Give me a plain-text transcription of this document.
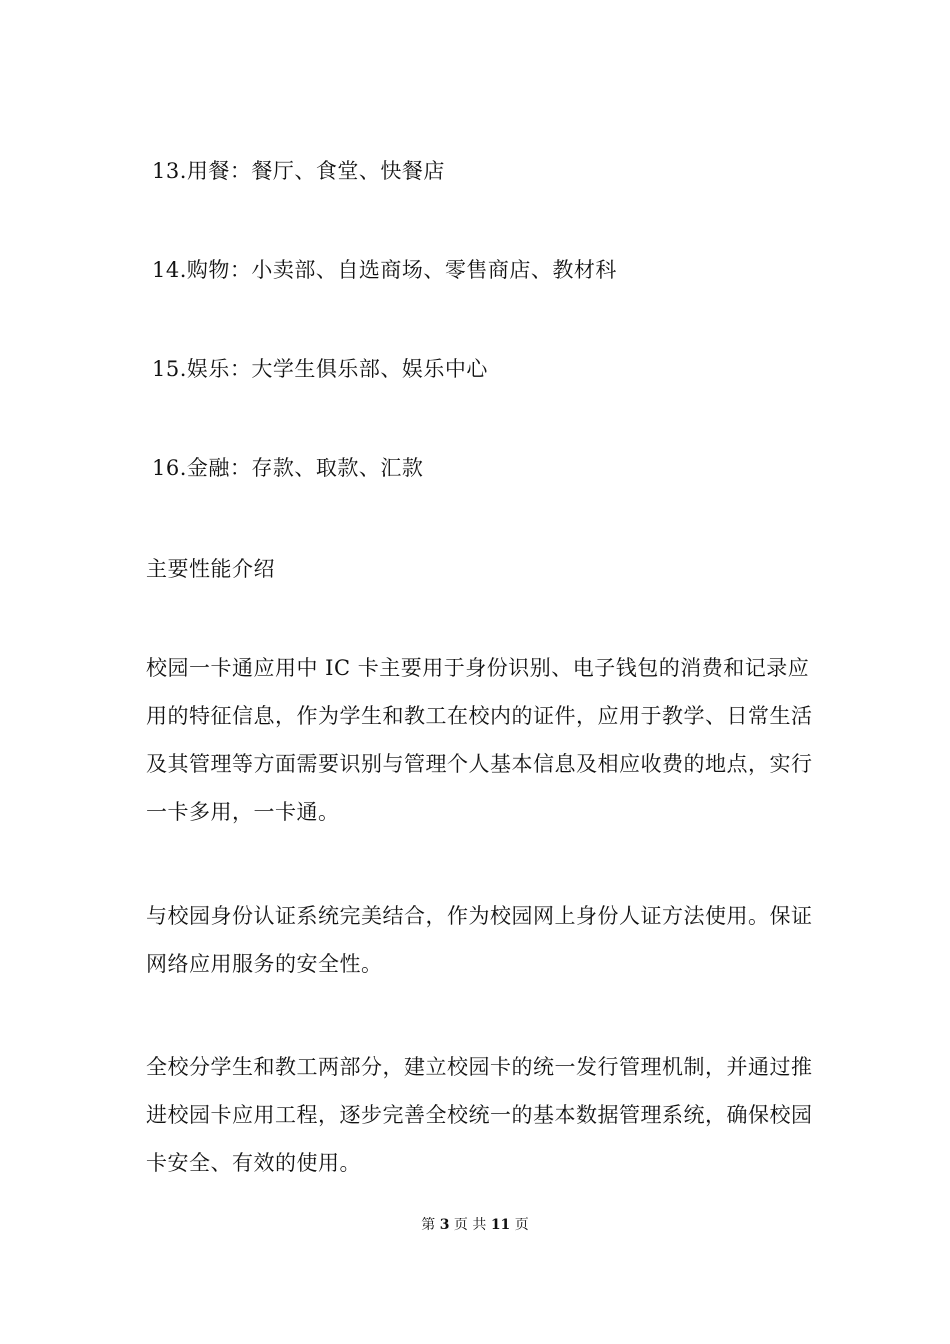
13.用餐：餐厅、食堂、快餐店
14.购物：小卖部、自选商场、零售商店、教材科
15.娱乐：大学生俱乐部、娱乐中心
16.金融：存款、取款、汇款
主要性能介绍
校园一卡通应用中 IC 卡主要用于身份识别、电子钱包的消费和记录应用的特征信息，作为学生和教工在校内的证件，应用于教学、日常生活及其管理等方面需要识别与管理个人基本信息及相应收费的地点，实行一卡多用，一卡通。
与校园身份认证系统完美结合，作为校园网上身份人证方法使用。保证网络应用服务的安全性。
全校分学生和教工两部分，建立校园卡的统一发行管理机制，并通过推进校园卡应用工程，逐步完善全校统一的基本数据管理系统，确保校园卡安全、有效的使用。
第 3 页 共 11 页
